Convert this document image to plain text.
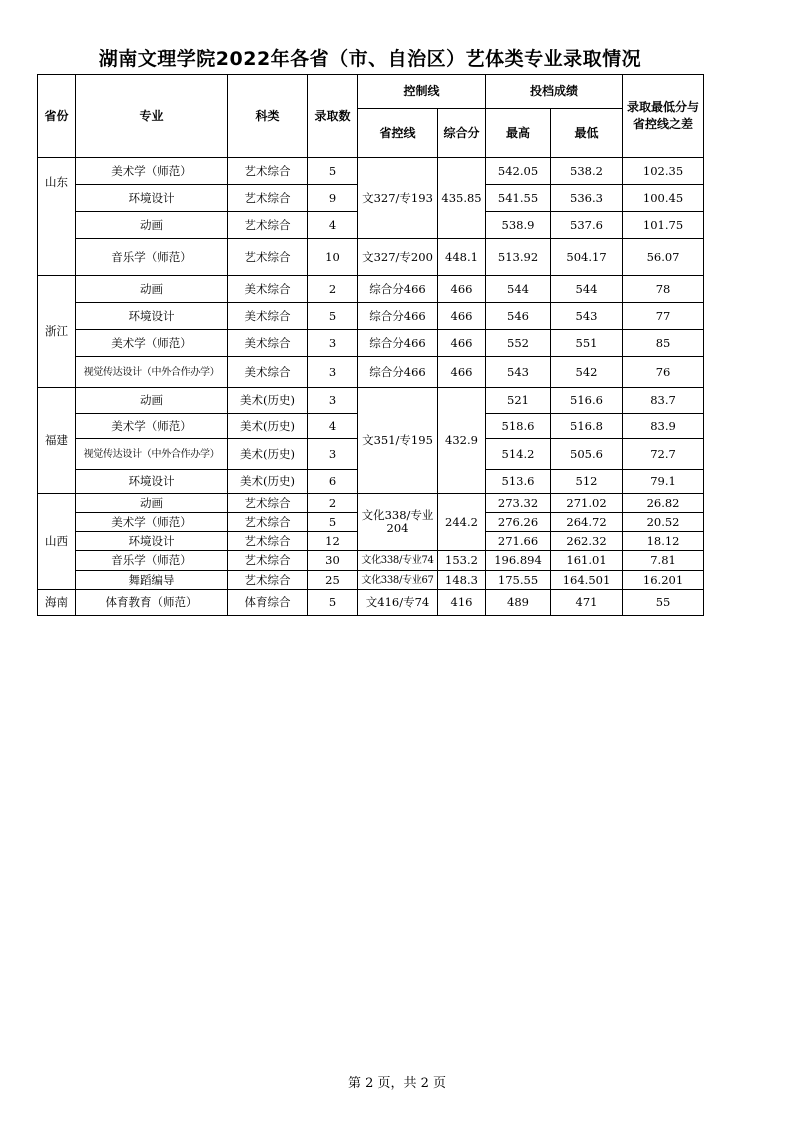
湖南文理学院2022年各省（市、自治区）艺体类专业录取情况
省份	专业	科类	录取数	控制线		投档成绩		录取最低分与省控线之差
				省控线	综合分	最高	最低	
山东	美术学（师范）	艺术综合	5	文327/专193	435.85	542.05	538.2	102.35
	环境设计	艺术综合	9			541.55	536.3	100.45
	动画	艺术综合	4			538.9	537.6	101.75
	音乐学（师范）	艺术综合	10	文327/专200	448.1	513.92	504.17	56.07
浙江	动画	美术综合	2	综合分466	466	544	544	78
	环境设计	美术综合	5	综合分466	466	546	543	77
	美术学（师范）	美术综合	3	综合分466	466	552	551	85
	视觉传达设计（中外合作办学）	美术综合	3	综合分466	466	543	542	76
福建	动画	美术(历史)	3	文351/专195	432.9	521	516.6	83.7
	美术学（师范）	美术(历史)	4			518.6	516.8	83.9
	视觉传达设计（中外合作办学）	美术(历史)	3			514.2	505.6	72.7
	环境设计	美术(历史)	6			513.6	512	79.1
山西	动画	艺术综合	2	文化338/专业204	244.2	273.32	271.02	26.82
	美术学（师范）	艺术综合	5			276.26	264.72	20.52
	环境设计	艺术综合	12			271.66	262.32	18.12
	音乐学（师范）	艺术综合	30	文化338/专业74	153.2	196.894	161.01	7.81
	舞蹈编导	艺术综合	25	文化338/专业67	148.3	175.55	164.501	16.201
海南	体育教育（师范）	体育综合	5	文416/专74	416	489	471	55
第 2 页，共 2 页
